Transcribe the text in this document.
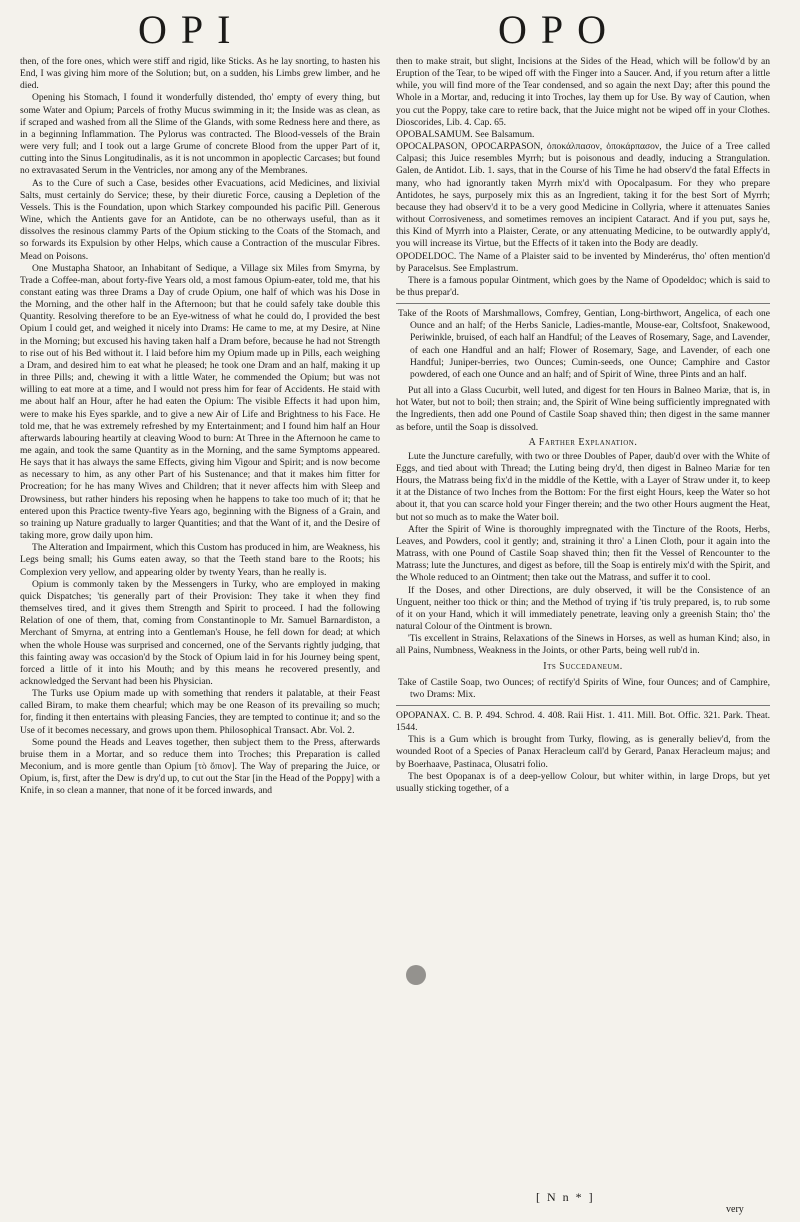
OPI	OPO

then, of the fore ones, which were stiff and rigid, like Sticks. As he lay snorting, to hasten his End, I was giving him more of the Solution; but, on a sudden, his Limbs grew limber, and he died.

Opening his Stomach, I found it wonderfully distended, tho' empty of every thing, but some Water and Opium; Parcels of frothy Mucus swimming in it; the Inside was as clean, as if scraped and washed from all the Slime of the Glands, with some Redness here and there, as in a beginning Inflammation. The Pylorus was contracted. The Blood-vessels of the Brain were very full; and I took out a large Grume of concrete Blood from the upper Part of it, cutting into the Sinus Longitudinalis, as it is not uncommon in apoplectic Carcases; but found no extravasated Serum in the Ventricles, nor among any of the Membranes.

As to the Cure of such a Case, besides other Evacuations, acid Medicines, and lixivial Salts, must certainly do Service; these, by their diuretic Force, causing a Depletion of the Vessels. This is the Foundation, upon which Starkey compounded his pacific Pill. Generous Wine, which the Antients gave for an Antidote, can be no otherways useful, than as it dissolves the resinous clammy Parts of the Opium sticking to the Coats of the Stomach, and so forwards its Expulsion by other Helps, which cause a Contraction of the muscular Fibres. Mead on Poisons.

One Mustapha Shatoor, an Inhabitant of Sedique, a Village six Miles from Smyrna, by Trade a Coffee-man, about forty-five Years old, a most famous Opium-eater, told me, that his constant eating was three Drams a Day of crude Opium, one half of which was his Dose in the Morning, and the other half in the Afternoon; but that he could safely take double this Quantity. Resolving therefore to be an Eye-witness of what he could do, I provided the best Opium I could get, and weighed it nicely into Drams: He came to me, at my Desire, at Nine in the Morning; but excused his having taken half a Dram before, because he had not Strength to rise out of his Bed without it. I laid before him my Opium made up in Pills, each weighing a Dram, and desired him to eat what he pleased; he took one Dram and an half, making it up in three Pills; and, chewing it with a little Water, he commended the Opium; but was not willing to eat more at a time, and I would not press him for fear of Accidents. He staid with me about half an Hour, after he had eaten the Opium: The visible Effects it had upon him, were to make his Eyes sparkle, and to give a new Air of Life and Brightness to his Face. He told me, that he was extremely refreshed by my Entertainment; and I found him half an Hour afterwards labouring heartily at cleaving Wood to burn: At Three in the Afternoon he came to me again, and took the same Quantity as in the Morning, and the same Symptoms appeared. He says that it has always the same Effects, giving him Vigour and Spirit; and is now become as necessary to him, as any other Part of his Sustenance; and that it makes him fitter for Procreation; for he has many Wives and Children; that it never affects him with Sleep and Drowsiness, but rather hinders his reposing when he happens to take too much of it; that he entered upon this Practice twenty-five Years ago, beginning with the Bigness of a Grain, and so training up Nature gradually to larger Quantities; and that the Want of it, and the Desire of taking more, grow daily upon him.

The Alteration and Impairment, which this Custom has produced in him, are Weakness, his Legs being small; his Gums eaten away, so that the Teeth stand bare to the Roots; his Complexion very yellow, and appearing older by twenty Years, than he really is.

Opium is commonly taken by the Messengers in Turky, who are employed in making quick Dispatches; 'tis generally part of their Provision: They take it when they find themselves tired, and it gives them Strength and Spirit to proceed. I had the following Relation of one of them, that, coming from Constantinople to Mr. Samuel Barnardiston, a Merchant of Smyrna, at entring into a Gentleman's House, he fell down for dead; at which when the whole House was surprised and concerned, one of the Servants rightly judging, that this fainting away was occasion'd by the Stock of Opium laid in for his Journey being spent, forced a little of it into his Mouth; and by this means he recovered presently, and acknowledged the Servant had been his Physician.

The Turks use Opium made up with something that renders it palatable, at their Feast called Biram, to make them chearful; which may be one Reason of its prevailing so much; for, finding it then entertains with pleasing Fancies, they are tempted to continue it; and so the Use of it becomes necessary, and grows upon them. Philosophical Transact. Abr. Vol. 2.

Some pound the Heads and Leaves together, then subject them to the Press, afterwards bruise them in a Mortar, and so reduce them into Troches; this Preparation is called Meconium, and is more gentle than Opium [τὸ ὄπιον]. The Way of preparing the Juice, or Opium, is, first, after the Dew is dry'd up, to cut out the Star [in the Head of the Poppy] with a Knife, in so clean a manner, that none of it be forced inwards, and

then to make strait, but slight, Incisions at the Sides of the Head, which will be follow'd by an Eruption of the Tear, to be wiped off with the Finger into a Saucer. And, if you return after a little while, you will find more of the Tear condensed, and so again the next Day; after this pound the Whole in a Mortar, and, reducing it into Troches, lay them up for Use. By way of Caution, when you cut the Poppy, take care to retire back, that the Juice might not be wiped off in your Clothes. Dioscorides, Lib. 4. Cap. 65.

OPOBALSAMUM. See Balsamum.

OPOCALPASON, OPOCARPASON, ὀποκάλπασον, ὀποκάρπασον, the Juice of a Tree called Calpasi; this Juice resembles Myrrh; but is poisonous and deadly, inducing a Strangulation. Galen, de Antidot. Lib. 1. says, that in the Course of his Time he had observ'd the fatal Effects in many, who had ignorantly taken Myrrh mix'd with Opocalpasum. For they who prepare Antidotes, he says, purposely mix this as an Ingredient, taking it for the best Sort of Myrrh; because they had observ'd it to be a very good Medicine in Collyria, where it attenuates Sanies without Corrosiveness, and sometimes removes an incipient Cataract. And if you put, says he, this Kind of Myrrh into a Plaister, Cerate, or any attenuating Medicine, to be outwardly apply'd, you will increase its Virtue, but the Effects of it taken into the Body are deadly.

OPODELDOC. The Name of a Plaister said to be invented by Minderérus, tho' often mention'd by Paracelsus. See Emplastrum.

There is a famous popular Ointment, which goes by the Name of Opodeldoc; which is said to be thus prepar'd.

Take of the Roots of Marshmallows, Comfrey, Gentian, Long-birthwort, Angelica, of each one Ounce and an half; of the Herbs Sanicle, Ladies-mantle, Mouse-ear, Coltsfoot, Snakewood, Periwinkle, bruised, of each half an Handful; of the Leaves of Rosemary, Sage, and Lavender, of each one Handful and an half; Flower of Rosemary, Sage, and Lavender, of each one Handful; Juniper-berries, two Ounces; Cumin-seeds, one Ounce; Camphire and Castor powdered, of each one Ounce and an half; and of Spirit of Wine, three Pints and an half.

Put all into a Glass Cucurbit, well luted, and digest for ten Hours in Balneo Mariæ, that is, in hot Water, but not to boil; then strain; and, the Spirit of Wine being sufficiently impregnated with the Ingredients, then add one Pound of Castile Soap shaved thin; then digest in the same manner as before, until the Soap is dissolved.

A Farther Explanation.

Lute the Juncture carefully, with two or three Doubles of Paper, daub'd over with the White of Eggs, and tied about with Thread; the Luting being dry'd, then digest in Balneo Mariæ for ten Hours, the Matrass being fix'd in the middle of the Kettle, with a Layer of Straw under it, to keep it at the Distance of two Inches from the Bottom: For the first eight Hours, keep the Water so hot about it, that you can scarce hold your Finger therein; and the two other Hours augment the Heat, but not so much as to make the Water boil.

After the Spirit of Wine is thoroughly impregnated with the Tincture of the Roots, Herbs, Leaves, and Powders, cool it gently; and, straining it thro' a Linen Cloth, pour it again into the Matrass, with one Pound of Castile Soap shaved thin; then fit the Vessel of Rencounter to the Matrass; lute the Junctures, and digest as before, till the Soap is entirely mix'd with the Spirit, and the Whole reduced to an Ointment; then take out the Matrass, and suffer it to cool.

If the Doses, and other Directions, are duly observed, it will be the Consistence of an Unguent, neither too thick or thin; and the Method of trying if 'tis truly prepared, is, to rub some of it on your Hand, which it will immediately penetrate, leaving only a greenish Stain; tho' the natural Colour of the Ointment is brown.

'Tis excellent in Strains, Relaxations of the Sinews in Horses, as well as human Kind; also, in all Pains, Numbness, Weakness in the Joints, or other Parts, being well rub'd in.

Its Succedaneum.

Take of Castile Soap, two Ounces; of rectify'd Spirits of Wine, four Ounces; and of Camphire, two Drams: Mix.

OPOPANAX. C. B. P. 494. Schrod. 4. 408. Raii Hist. 1. 411. Mill. Bot. Offic. 321. Park. Theat. 1544.

This is a Gum which is brought from Turky, flowing, as is generally believ'd, from the wounded Root of a Species of Panax Heracleum call'd by Gerard, Panax Heracleum majus; and by Boerhaave, Pastinaca, Olusatri folio.

The best Opopanax is of a deep-yellow Colour, but whiter within, in large Drops, but yet usually sticking together, of a

[ N n * ]
very
